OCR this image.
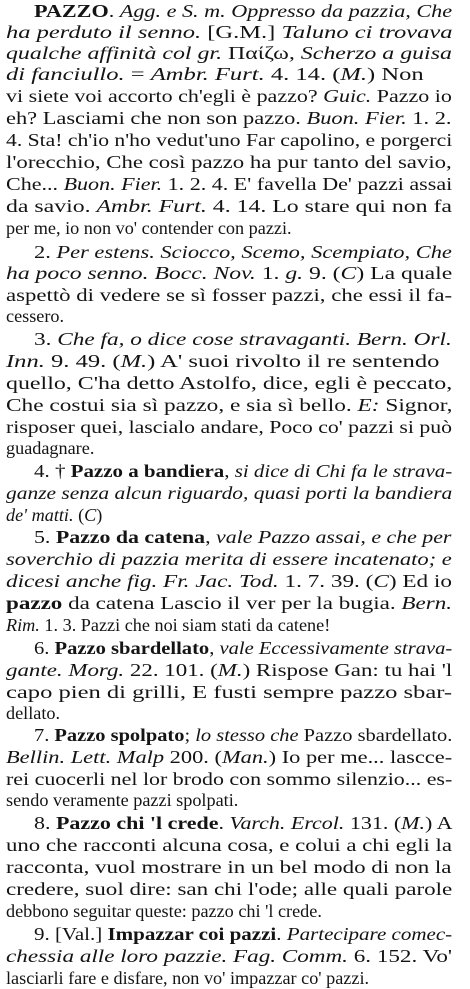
PAZZO. Agg. e S. m. Oppresso da pazzia, Che
ha perduto il senno. [G.M.] Taluno ci trovava
qualche affinità col gr. Παίζω, Scherzo a guisa
di fanciullo. = Ambr. Furt. 4. 14. (M.) Non
vi siete voi accorto ch'egli è pazzo? Guic. Pazzo io
eh? Lasciami che non son pazzo. Buon. Fier. 1. 2.
4. Sta! ch'io n'ho vedut'uno Far capolino, e porgerci
l'orecchio, Che così pazzo ha pur tanto del savio,
Che... Buon. Fier. 1. 2. 4. E' favella De' pazzi assai
da savio. Ambr. Furt. 4. 14. Lo stare qui non fa
per me, io non vo' contender con pazzi.
2. Per estens. Sciocco, Scemo, Scempiato, Che
ha poco senno. Bocc. Nov. 1. g. 9. (C) La quale
aspettò di vedere se sì fosser pazzi, che essi il fa-
cessero.
3. Che fa, o dice cose stravaganti. Bern. Orl.
Inn. 9. 49. (M.) A' suoi rivolto il re sentendo
quello, C'ha detto Astolfo, dice, egli è peccato,
Che costui sia sì pazzo, e sia sì bello. E: Signor,
risposer quei, lascialo andare, Poco co' pazzi si può
guadagnare.
4. † Pazzo a bandiera, si dice di Chi fa le strava-
ganze senza alcun riguardo, quasi porti la bandiera
de' matti. (C)
5. Pazzo da catena, vale Pazzo assai, e che per
soverchio di pazzia merita di essere incatenato; e
dicesi anche fig. Fr. Jac. Tod. 1. 7. 39. (C) Ed io
pazzo da catena Lascio il ver per la bugia. Bern.
Rim. 1. 3. Pazzi che noi siam stati da catene!
6. Pazzo sbardellato, vale Eccessivamente strava-
gante. Morg. 22. 101. (M.) Rispose Gan: tu hai 'l
capo pien di grilli, E fusti sempre pazzo sbar-
dellato.
7. Pazzo spolpato; lo stesso che Pazzo sbardellato.
Bellin. Lett. Malp 200. (Man.) Io per me... lascce-
rei cuocerli nel lor brodo con sommo silenzio... es-
sendo veramente pazzi spolpati.
8. Pazzo chi 'l crede. Varch. Ercol. 131. (M.) A
uno che racconti alcuna cosa, e colui a chi egli la
racconta, vuol mostrare in un bel modo di non la
credere, suol dire: san chi l'ode; alle quali parole
debbono seguitar queste: pazzo chi 'l crede.
9. [Val.] Impazzar coi pazzi. Partecipare comec-
chessia alle loro pazzie. Fag. Comm. 6. 152. Vo'
lasciarli fare e disfare, non vo' impazzar co' pazzi.
